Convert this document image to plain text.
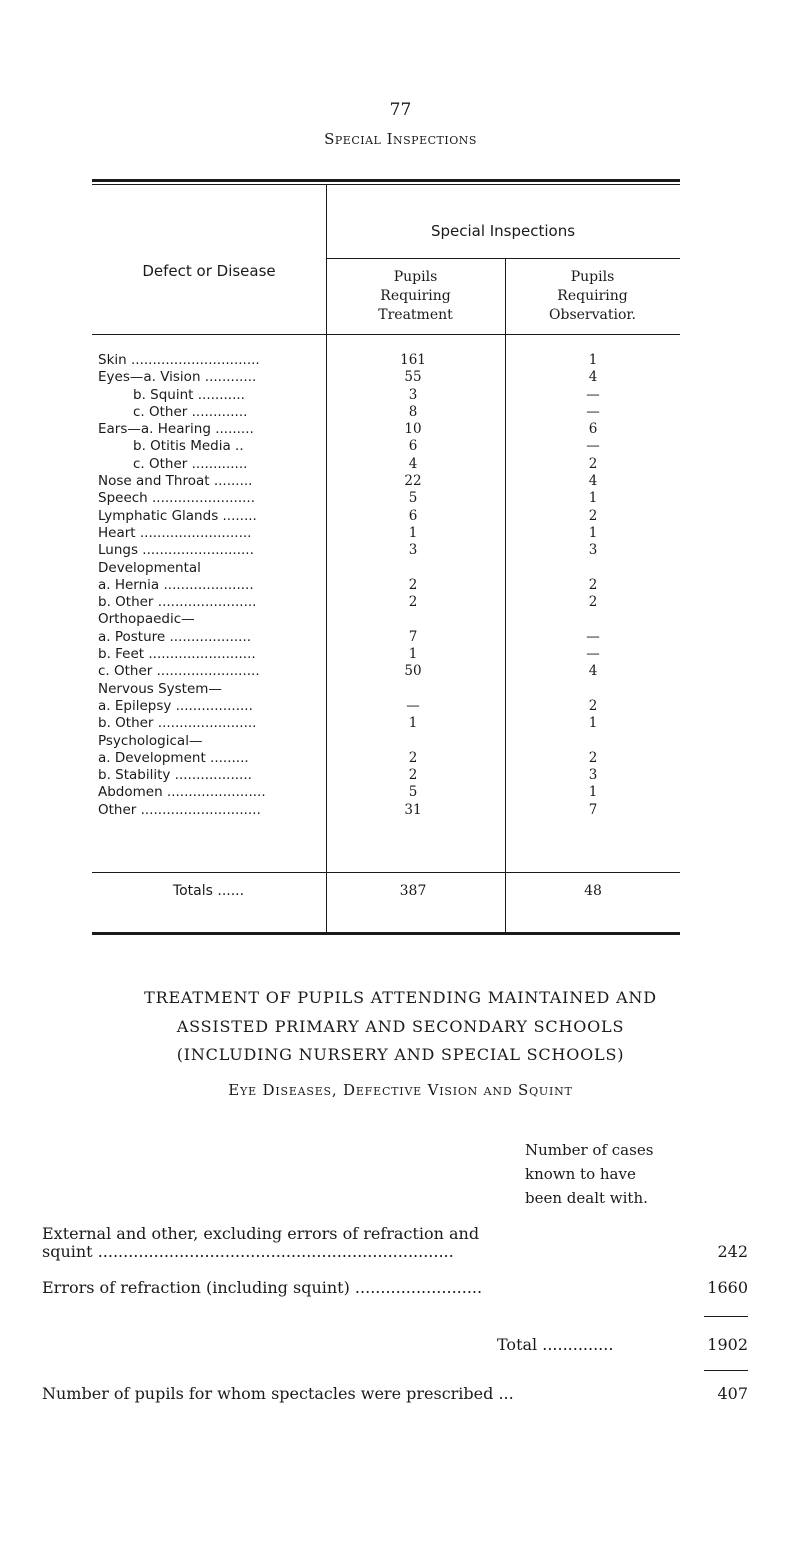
77
Special Inspections
Defect or Disease
Special Inspections
Pupils
Requiring
Treatment
Pupils
Requiring
Observatior.
Skin ..............................	161	1
Eyes—a. Vision ............	55	4
b. Squint ...........	3	—
c. Other .............	8	—
Ears—a. Hearing .........	10	6
b. Otitis Media ..	6	—
c. Other .............	4	2
Nose and Throat .........	22	4
Speech ........................	5	1
Lymphatic Glands ........	6	2
Heart ..........................	1	1
Lungs ..........................	3	3
Developmental
a. Hernia .....................	2	2
b. Other .......................	2	2
Orthopaedic—
a. Posture ...................	7	—
b. Feet .........................	1	—
c. Other ........................	50	4
Nervous System—
a. Epilepsy ..................	—	2
b. Other .......................	1	1
Psychological—
a. Development .........	2	2
b. Stability ..................	2	3
Abdomen .......................	5	1
Other ............................	31	7
Totals ......	387	48
TREATMENT OF PUPILS ATTENDING MAINTAINED AND
ASSISTED PRIMARY AND SECONDARY SCHOOLS
(INCLUDING NURSERY AND SPECIAL SCHOOLS)
Eye Diseases, Defective Vision and Squint
Number of cases
known to have
been dealt with.
External and other, excluding errors of refraction and
squint ......................................................................	242
Errors of refraction (including squint) .........................	1660
Total ..............	1902
Number of pupils for whom spectacles were prescribed ...	407
